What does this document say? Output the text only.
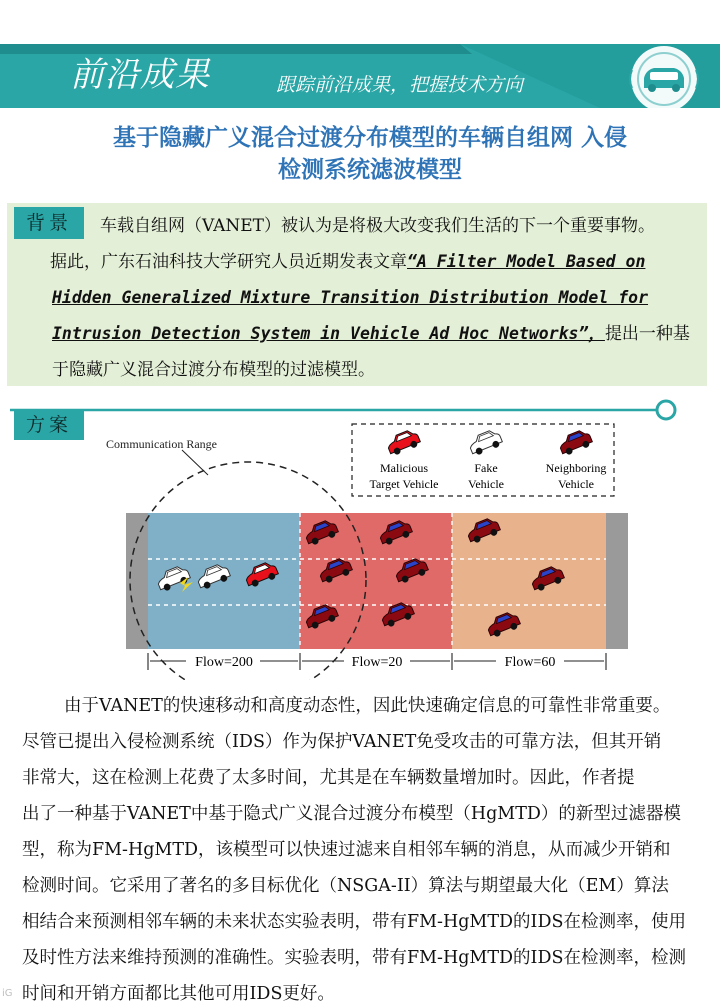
前沿成果	跟踪前沿成果，把握技术方向
基于隐藏广义混合过渡分布模型的车辆自组网 入侵
检测系统滤波模型
背景	车载自组网（VANET）被认为是将极大改变我们生活的下一个重要事物。
据此，广东石油科技大学研究人员近期发表文章“A Filter Model Based on
Hidden Generalized Mixture Transition Distribution Model for
Intrusion Detection System in Vehicle Ad Hoc Networks”，提出一种基
于隐藏广义混合过渡分布模型的过滤模型。
方案
Communication Range
Malicious
Target Vehicle
Fake
Vehicle
Neighboring
Vehicle
Flow=200	Flow=20	Flow=60
由于VANET的快速移动和高度动态性，因此快速确定信息的可靠性非常重要。
尽管已提出入侵检测系统（IDS）作为保护VANET免受攻击的可靠方法，但其开销
非常大，这在检测上花费了太多时间，尤其是在车辆数量增加时。因此，作者提
出了一种基于VANET中基于隐式广义混合过渡分布模型（HgMTD）的新型过滤器模
型，称为FM-HgMTD，该模型可以快速过滤来自相邻车辆的消息，从而减少开销和
检测时间。它采用了著名的多目标优化（NSGA-II）算法与期望最大化（EM）算法
相结合来预测相邻车辆的未来状态实验表明，带有FM-HgMTD的IDS在检测率，使用
及时性方法来维持预测的准确性。实验表明，带有FM-HgMTD的IDS在检测率，检测
时间和开销方面都比其他可用IDS更好。
iG
